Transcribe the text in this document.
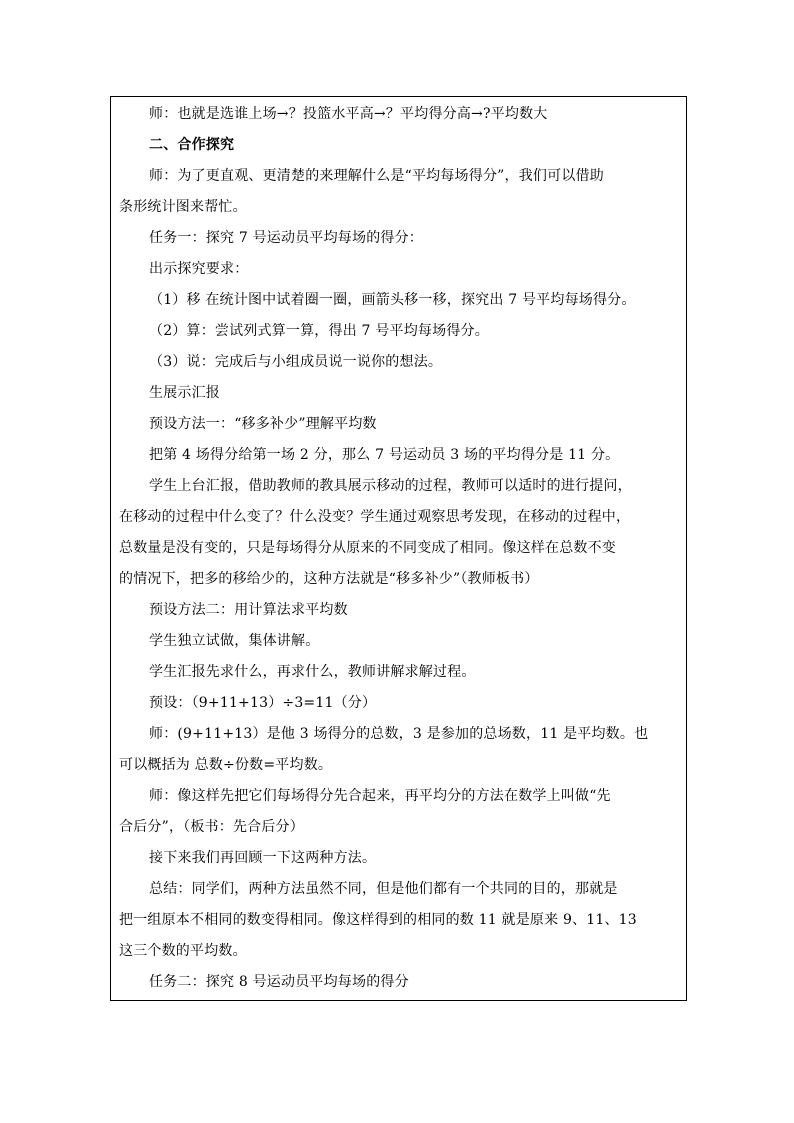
师：也就是选谁上场→？投篮水平高→？平均得分高→?平均数大
二、合作探究
师：为了更直观、更清楚的来理解什么是“平均每场得分”，我们可以借助
条形统计图来帮忙。
任务一：探究 7 号运动员平均每场的得分：
出示探究要求：
（1）移 在统计图中试着圈一圈，画箭头移一移，探究出 7 号平均每场得分。
（2）算：尝试列式算一算，得出 7 号平均每场得分。
（3）说：完成后与小组成员说一说你的想法。
生展示汇报
预设方法一：“移多补少”理解平均数
把第 4 场得分给第一场 2 分，那么 7 号运动员 3 场的平均得分是 11 分。
学生上台汇报，借助教师的教具展示移动的过程，教师可以适时的进行提问，
在移动的过程中什么变了？什么没变？学生通过观察思考发现，在移动的过程中，
总数量是没有变的，只是每场得分从原来的不同变成了相同。像这样在总数不变
的情况下，把多的移给少的，这种方法就是“移多补少”（教师板书）
预设方法二：用计算法求平均数
学生独立试做，集体讲解。
学生汇报先求什么，再求什么，教师讲解求解过程。
预设：（9+11+13）÷3=11（分）
师：(9+11+13）是他 3 场得分的总数，3 是参加的总场数，11 是平均数。也
可以概括为 总数÷份数=平均数。
师：像这样先把它们每场得分先合起来，再平均分的方法在数学上叫做“先
合后分”，（板书：先合后分）
接下来我们再回顾一下这两种方法。
总结：同学们，两种方法虽然不同，但是他们都有一个共同的目的，那就是
把一组原本不相同的数变得相同。像这样得到的相同的数 11 就是原来 9、11、13
这三个数的平均数。
任务二：探究 8 号运动员平均每场的得分
